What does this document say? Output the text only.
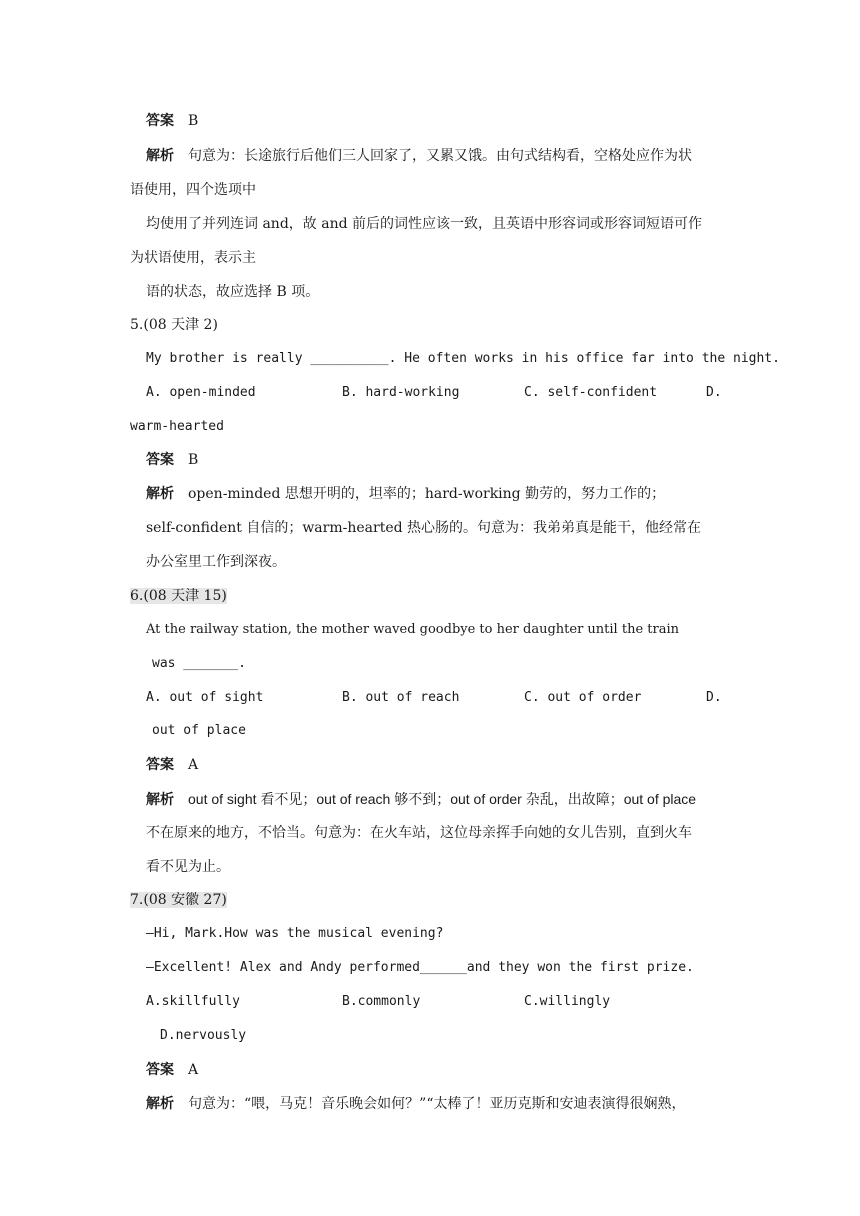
答案 B
解析 句意为：长途旅行后他们三人回家了，又累又饿。由句式结构看，空格处应作为状
语使用，四个选项中
均使用了并列连词 and，故 and 前后的词性应该一致，且英语中形容词或形容词短语可作
为状语使用，表示主
语的状态，故应选择 B 项。
5.(08 天津 2)
My brother is really __________. He often works in his office far into the night.
A. open-minded	B. hard-working	C. self-confident	D.
warm-hearted
答案 B
解析 open-minded 思想开明的，坦率的；hard-working 勤劳的，努力工作的；
self-confident 自信的；warm-hearted 热心肠的。句意为：我弟弟真是能干，他经常在
办公室里工作到深夜。
6.(08 天津 15)
At the railway station, the mother waved goodbye to her daughter until the train
was _______.
A. out of sight	B. out of reach	C. out of order	D.
out of place
答案 A
解析 out of sight 看不见；out of reach 够不到；out of order 杂乱，出故障；out of place
不在原来的地方，不恰当。句意为：在火车站，这位母亲挥手向她的女儿告别，直到火车
看不见为止。
7.(08 安徽 27)
—Hi, Mark.How was the musical evening?
—Excellent! Alex and Andy performed______and they won the first prize.
A.skillfully	B.commonly	C.willingly
D.nervously
答案 A
解析 句意为：“喂，马克！音乐晚会如何？”“太棒了！亚历克斯和安迪表演得很娴熟，
